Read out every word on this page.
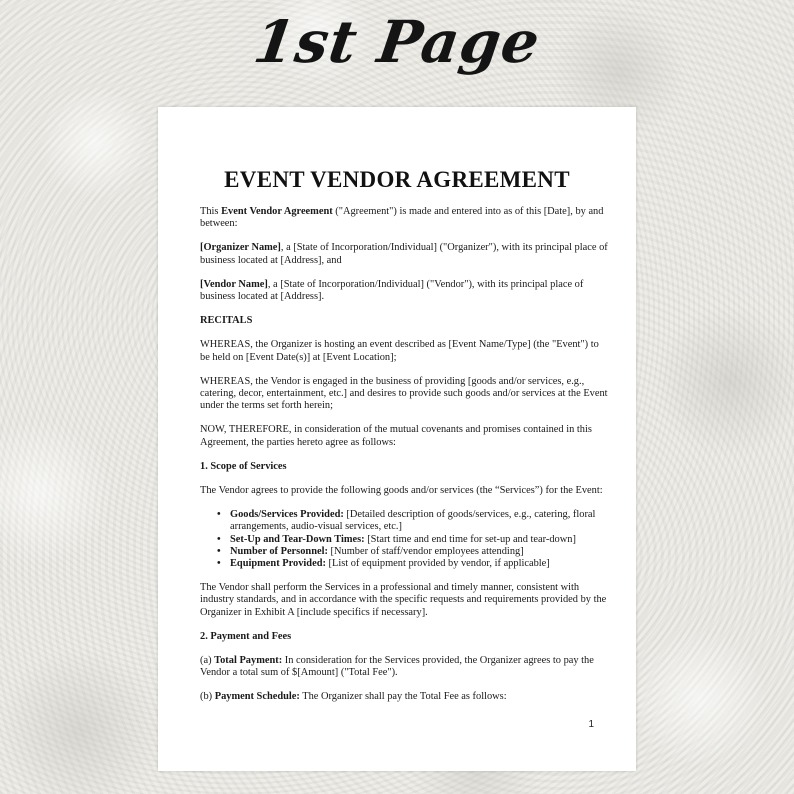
1st Page

This Event Vendor Agreement ("Agreement") is made and entered into as of this [Date], by and between:

[Organizer Name], a [State of Incorporation/Individual] ("Organizer"), with its principal place of business located at [Address], and

[Vendor Name], a [State of Incorporation/Individual] ("Vendor"), with its principal place of business located at [Address].

RECITALS

WHEREAS, the Organizer is hosting an event described as [Event Name/Type] (the "Event") to be held on [Event Date(s)] at [Event Location];

WHEREAS, the Vendor is engaged in the business of providing [goods and/or services, e.g., catering, decor, entertainment, etc.] and desires to provide such goods and/or services at the Event under the terms set forth herein;

NOW, THEREFORE, in consideration of the mutual covenants and promises contained in this Agreement, the parties hereto agree as follows:

1. Scope of Services

The Vendor agrees to provide the following goods and/or services (the “Services”) for the Event:

• Goods/Services Provided: [Detailed description of goods/services, e.g., catering, floral arrangements, audio-visual services, etc.]
• Set-Up and Tear-Down Times: [Start time and end time for set-up and tear-down]
• Number of Personnel: [Number of staff/vendor employees attending]
• Equipment Provided: [List of equipment provided by vendor, if applicable]

The Vendor shall perform the Services in a professional and timely manner, consistent with industry standards, and in accordance with the specific requests and requirements provided by the Organizer in Exhibit A [include specifics if necessary].

2. Payment and Fees

(a) Total Payment: In consideration for the Services provided, the Organizer agrees to pay the Vendor a total sum of $[Amount] ("Total Fee").

(b) Payment Schedule: The Organizer shall pay the Total Fee as follows:

1
EVENT VENDOR AGREEMENT
